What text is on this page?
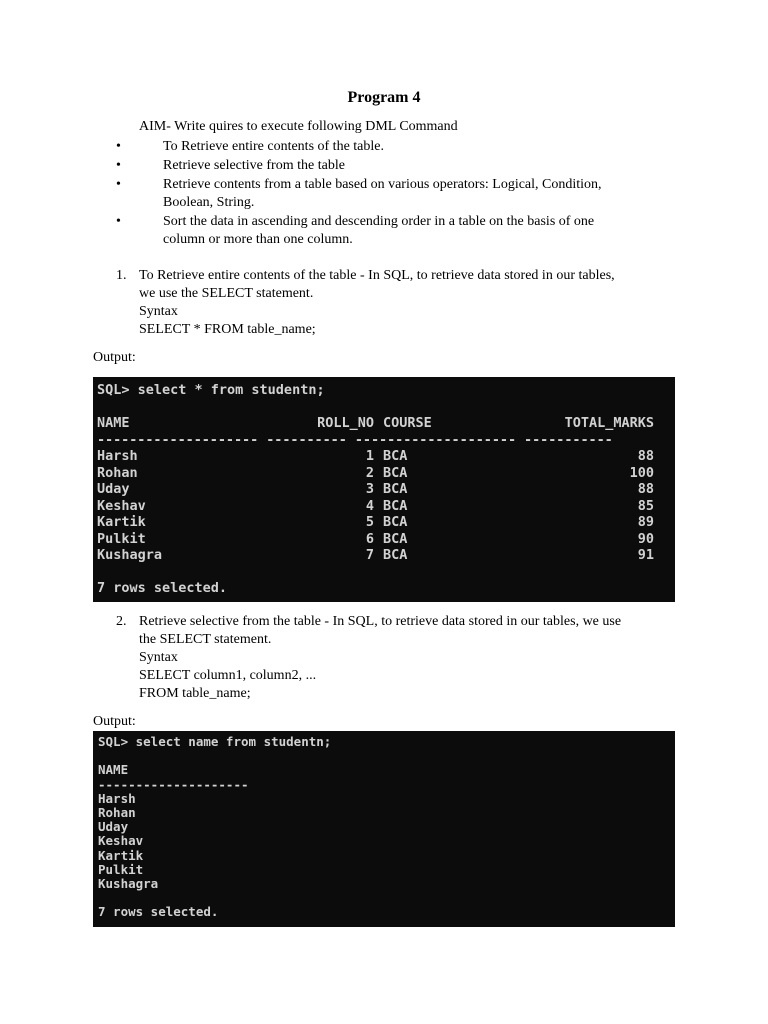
Program 4
AIM- Write quires to execute following DML Command
•	To Retrieve entire contents of the table.
•	Retrieve selective from the table
•	Retrieve contents from a table based on various operators: Logical, Condition,
Boolean, String.
•	Sort the data in ascending and descending order in a table on the basis of one
column or more than one column.
1. To Retrieve entire contents of the table - In SQL, to retrieve data stored in our tables,
we use the SELECT statement.
Syntax
SELECT * FROM table_name;
Output:
SQL> select * from studentn;
NAME	ROLL_NO COURSE	TOTAL_MARKS
-------------------- ---------- -------------------- -----------
Harsh	1 BCA	88
Rohan	2 BCA	100
Uday	3 BCA	88
Keshav	4 BCA	85
Kartik	5 BCA	89
Pulkit	6 BCA	90
Kushagra	7 BCA	91
7 rows selected.
2. Retrieve selective from the table - In SQL, to retrieve data stored in our tables, we use
the SELECT statement.
Syntax
SELECT column1, column2, ...
FROM table_name;
Output:
SQL> select name from studentn;
NAME
--------------------
Harsh
Rohan
Uday
Keshav
Kartik
Pulkit
Kushagra
7 rows selected.
